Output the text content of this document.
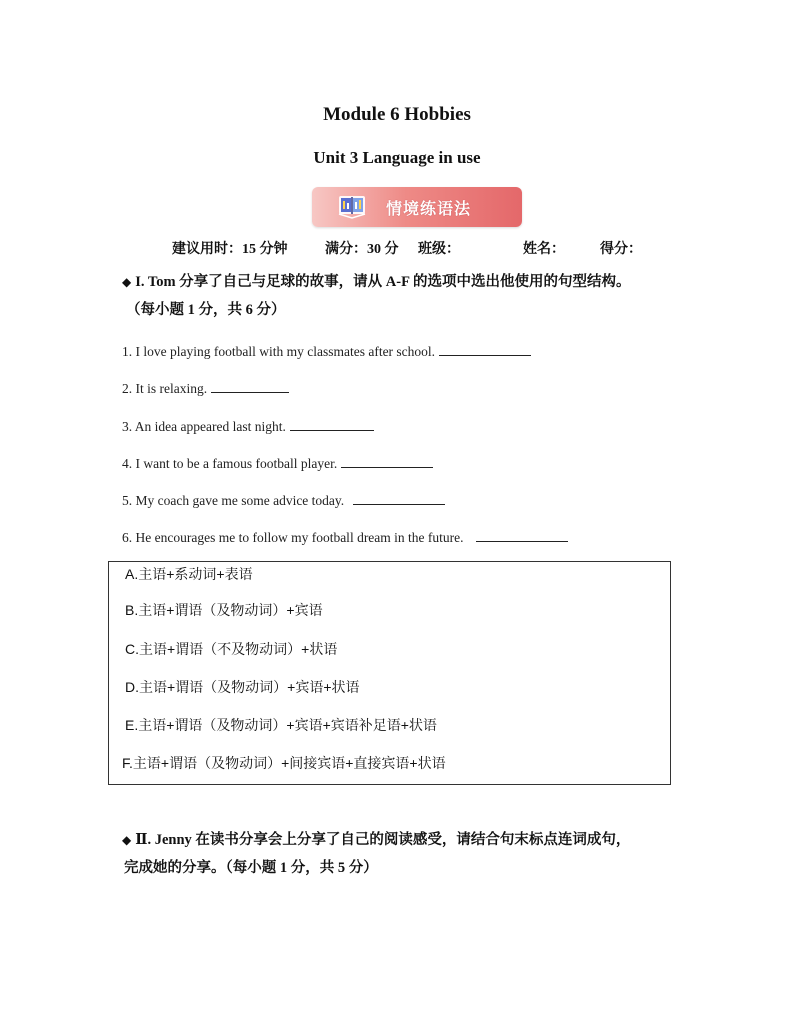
Module 6 Hobbies
Unit 3 Language in use
情境练语法
建议用时：15 分钟	满分：30 分 班级：	姓名：	得分：
◆ I. Tom 分享了自己与足球的故事，请从 A-F 的选项中选出他使用的句型结构。
（每小题 1 分，共 6 分）
1. I love playing football with my classmates after school.
2. It is relaxing.
3. An idea appeared last night.
4. I want to be a famous football player.
5. My coach gave me some advice today.
6. He encourages me to follow my football dream in the future.
A.主语+系动词+表语
B.主语+谓语（及物动词）+宾语
C.主语+谓语（不及物动词）+状语
D.主语+谓语（及物动词）+宾语+状语
E.主语+谓语（及物动词）+宾语+宾语补足语+状语
F.主语+谓语（及物动词）+间接宾语+直接宾语+状语
◆ Ⅱ. Jenny 在读书分享会上分享了自己的阅读感受，请结合句末标点连词成句，
完成她的分享。（每小题 1 分，共 5 分）
